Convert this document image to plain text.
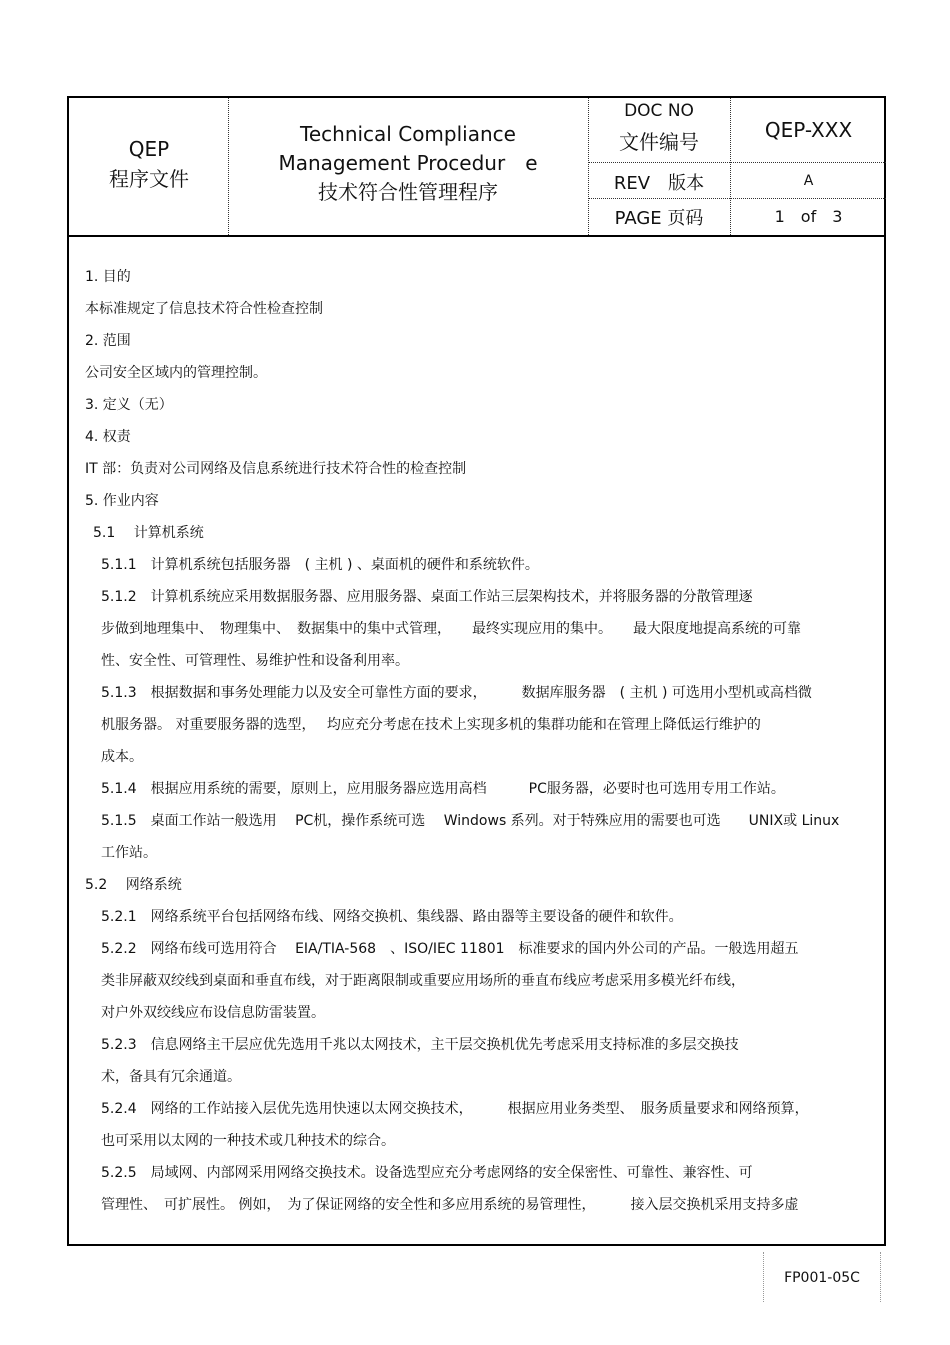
QEP
程序文件
Technical Compliance
Management Procedur　e
技术符合性管理程序
DOC NO
文件编号	QEP-XXX
REV　版本	A
PAGE 页码	1　of　3
1. 目的
本标准规定了信息技术符合性检查控制
2. 范围
公司安全区域内的管理控制。
3. 定义（无）
4. 权责
IT 部：负责对公司网络及信息系统进行技术符合性的检查控制
5. 作业内容
5.1　 计算机系统
5.1.1　计算机系统包括服务器　( 主机 ) 、桌面机的硬件和系统软件。
5.1.2　计算机系统应采用数据服务器、应用服务器、桌面工作站三层架构技术，并将服务器的分散管理逐
步做到地理集中、　物理集中、　数据集中的集中式管理，　　最终实现应用的集中。　　最大限度地提高系统的可靠
性、安全性、可管理性、易维护性和设备利用率。
5.1.3　根据数据和事务处理能力以及安全可靠性方面的要求，　　　数据库服务器　( 主机 ) 可选用小型机或高档微
机服务器。 对重要服务器的选型，　 均应充分考虑在技术上实现多机的集群功能和在管理上降低运行维护的
成本。
5.1.4　根据应用系统的需要，原则上，应用服务器应选用高档　　　PC服务器，必要时也可选用专用工作站。
5.1.5　桌面工作站一般选用　 PC机，操作系统可选　 Windows 系列。对于特殊应用的需要也可选　　UNIX或 Linux
工作站。
5.2　 网络系统
5.2.1　网络系统平台包括网络布线、网络交换机、集线器、路由器等主要设备的硬件和软件。
5.2.2　网络布线可选用符合　 EIA/TIA-568　、ISO/IEC 11801　标准要求的国内外公司的产品。一般选用超五
类非屏蔽双绞线到桌面和垂直布线，对于距离限制或重要应用场所的垂直布线应考虑采用多模光纤布线，
对户外双绞线应布设信息防雷装置。
5.2.3　信息网络主干层应优先选用千兆以太网技术，主干层交换机优先考虑采用支持标准的多层交换技
术，备具有冗余通道。
5.2.4　网络的工作站接入层优先选用快速以太网交换技术，　　　根据应用业务类型、　服务质量要求和网络预算，
也可采用以太网的一种技术或几种技术的综合。
5.2.5　局域网、内部网采用网络交换技术。设备选型应充分考虑网络的安全保密性、可靠性、兼容性、可
管理性、　可扩展性。 例如，　为了保证网络的安全性和多应用系统的易管理性，　　　接入层交换机采用支持多虚
FP001-05C
